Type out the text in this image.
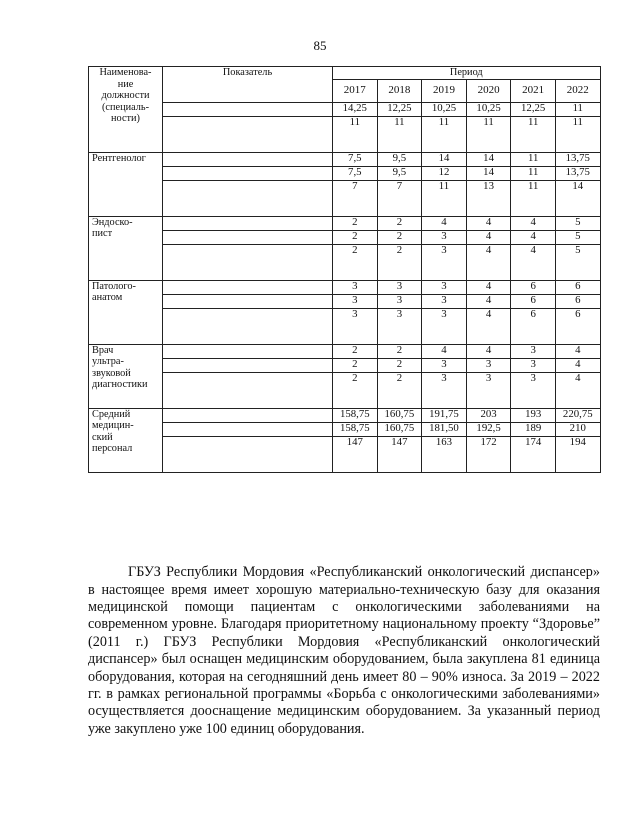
85
Наименова-
ние
должности
(специаль-
ности)	Показатель	Период					
		2017	2018	2019	2020	2021	2022
		14,25	12,25	10,25	10,25	12,25	11

		11	11	11	11	11	11
Рентгенолог		7,5	9,5	14	14	11	13,75
		7,5	9,5	12	14	11	13,75

		7	7	11	13	11	14
Эндоско-
пист		2	2	4	4	4	5
		2	2	3	4	4	5

		2	2	3	4	4	5
Патолого-
анатом		3	3	3	4	6	6
		3	3	3	4	6	6

		3	3	3	4	6	6
Врач
ультра-
звуковой
диагностики		2	2	4	4	3	4
		2	2	3	3	3	4

		2	2	3	3	3	4
Средний
медицин-
ский
персонал		158,75	160,75	191,75	203	193	220,75
		158,75	160,75	181,50	192,5	189	210

		147	147	163	172	174	194

ГБУЗ Республики Мордовия «Республиканский онкологический диспансер» в настоящее время имеет хорошую материально-техническую базу для оказания медицинской помощи пациентам с онкологическими заболеваниями на современном уровне. Благодаря приоритетному национальному проекту “Здоровье” (2011 г.) ГБУЗ Республики Мордовия «Республиканский онкологический диспансер» был оснащен медицинским оборудованием, была закуплена 81 единица оборудования, которая на сегодняшний день имеет 80 – 90% износа. За 2019 – 2022 гг. в рамках региональной программы «Борьба с онкологическими заболеваниями» осуществляется дооснащение медицинским оборудованием. За указанный период уже закуплено уже 100 единиц оборудования.
